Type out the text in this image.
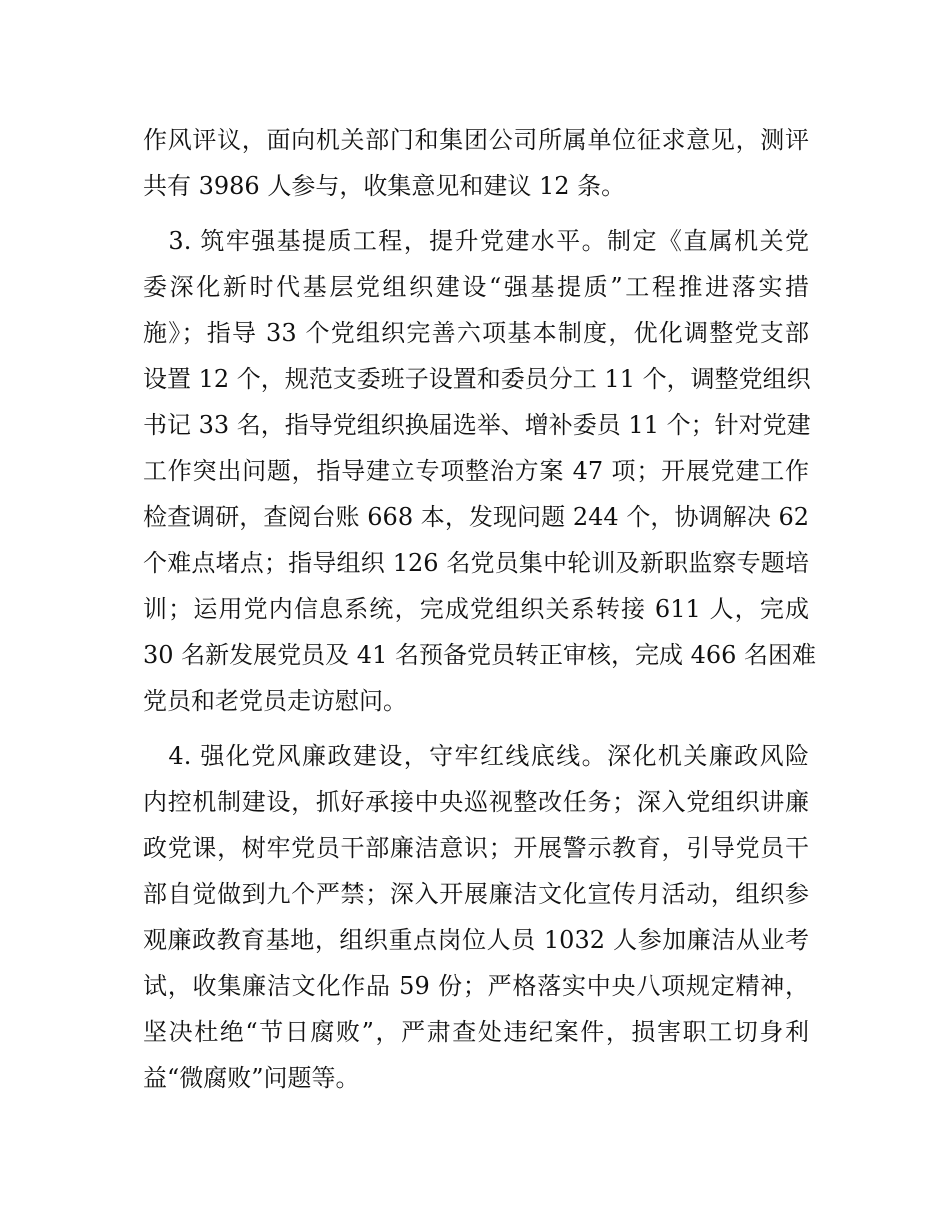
作风评议，面向机关部门和集团公司所属单位征求意见，测评
共有 3986 人参与，收集意见和建议 12 条。
　3. 筑牢强基提质工程，提升党建水平。制定《直属机关党
委深化新时代基层党组织建设“强基提质”工程推进落实措
施》；指导 33 个党组织完善六项基本制度，优化调整党支部
设置 12 个，规范支委班子设置和委员分工 11 个，调整党组织
书记 33 名，指导党组织换届选举、增补委员 11 个；针对党建
工作突出问题，指导建立专项整治方案 47 项；开展党建工作
检查调研，查阅台账 668 本，发现问题 244 个，协调解决 62
个难点堵点；指导组织 126 名党员集中轮训及新职监察专题培
训；运用党内信息系统，完成党组织关系转接 611 人，完成
30 名新发展党员及 41 名预备党员转正审核，完成 466 名困难
党员和老党员走访慰问。
　4. 强化党风廉政建设，守牢红线底线。深化机关廉政风险
内控机制建设，抓好承接中央巡视整改任务；深入党组织讲廉
政党课，树牢党员干部廉洁意识；开展警示教育，引导党员干
部自觉做到九个严禁；深入开展廉洁文化宣传月活动，组织参
观廉政教育基地，组织重点岗位人员 1032 人参加廉洁从业考
试，收集廉洁文化作品 59 份；严格落实中央八项规定精神，
坚决杜绝“节日腐败”，严肃查处违纪案件，损害职工切身利
益“微腐败”问题等。
